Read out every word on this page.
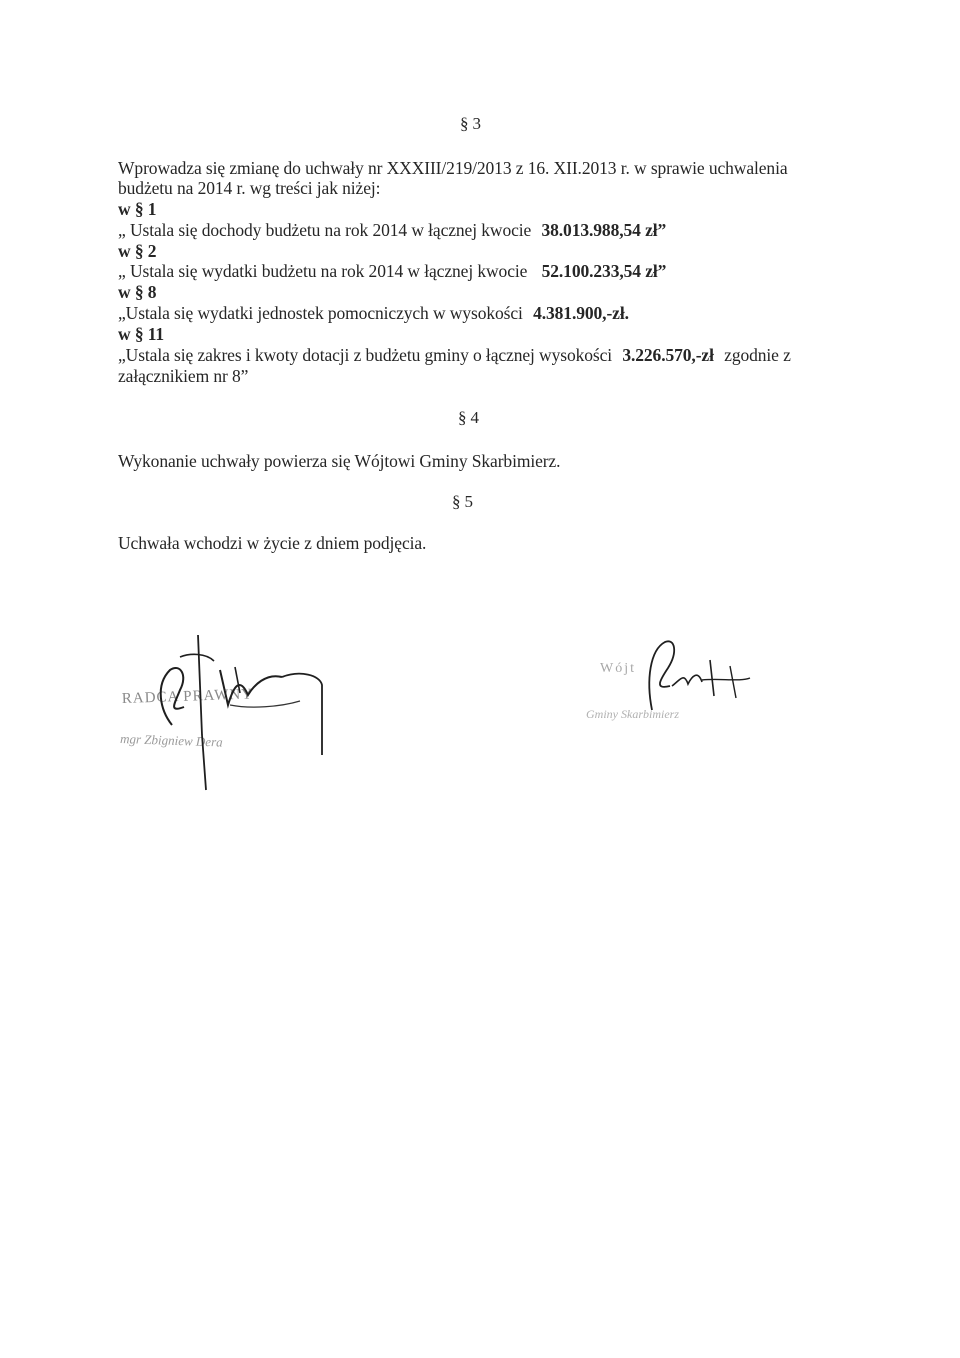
§ 3
Wprowadza się zmianę do uchwały nr XXXIII/219/2013 z 16. XII.2013 r. w sprawie uchwalenia
budżetu na 2014 r. wg treści jak niżej:
w § 1
„ Ustala się dochody budżetu na rok 2014 w łącznej kwocie 38.013.988,54 zł”
w § 2
„ Ustala się wydatki budżetu na rok 2014 w łącznej kwocie 52.100.233,54 zł”
w § 8
„Ustala się wydatki jednostek pomocniczych w wysokości 4.381.900,-zł.
w § 11
„Ustala się zakres i kwoty dotacji z budżetu gminy o łącznej wysokości 3.226.570,-zł zgodnie z
załącznikiem nr 8”
§ 4
Wykonanie uchwały powierza się Wójtowi Gminy Skarbimierz.
§ 5
Uchwała wchodzi w życie z dniem podjęcia.
RADCA PRAWNY
mgr Zbigniew Dera
Wójt
Gminy Skarbimierz
